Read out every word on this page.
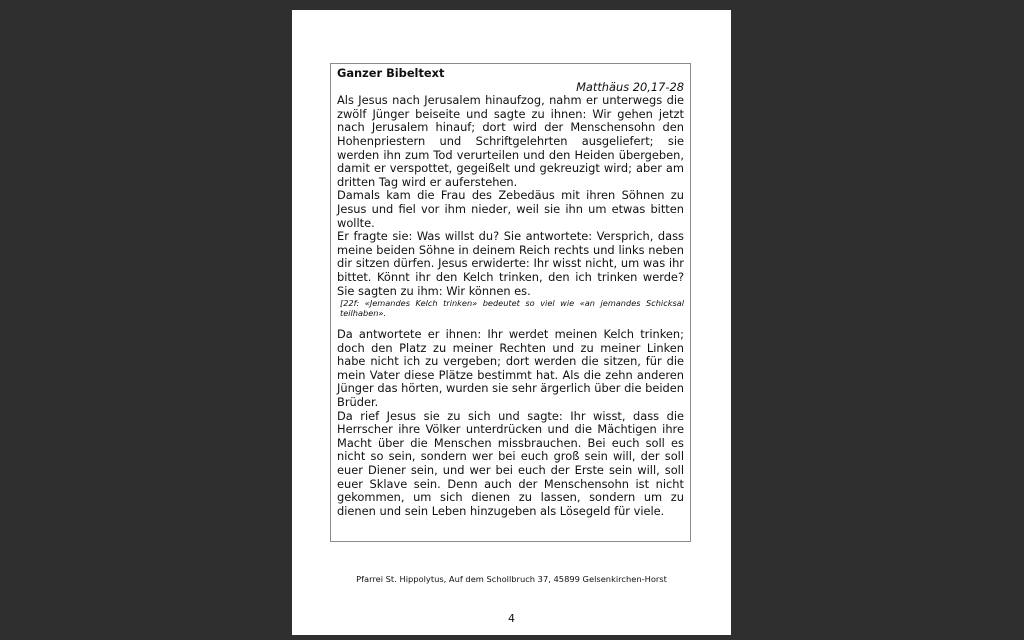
Ganzer Bibeltext

Matthäus 20,17-28

Als Jesus nach Jerusalem hinaufzog, nahm er unterwegs die zwölf Jünger beiseite und sagte zu ihnen: Wir gehen jetzt nach Jerusalem hinauf; dort wird der Menschensohn den Hohenpriestern und Schriftgelehrten ausgeliefert; sie werden ihn zum Tod verurteilen und den Heiden übergeben, damit er verspottet, gegeißelt und gekreuzigt wird; aber am dritten Tag wird er auferstehen.

Damals kam die Frau des Zebedäus mit ihren Söhnen zu Jesus und fiel vor ihm nieder, weil sie ihn um etwas bitten wollte.

Er fragte sie: Was willst du? Sie antwortete: Versprich, dass meine beiden Söhne in deinem Reich rechts und links neben dir sitzen dürfen. Jesus erwiderte: Ihr wisst nicht, um was ihr bittet. Könnt ihr den Kelch trinken, den ich trinken werde? Sie sagten zu ihm: Wir können es.

[22f: «Jemandes Kelch trinken» bedeutet so viel wie «an jemandes Schicksal teilhaben».

Da antwortete er ihnen: Ihr werdet meinen Kelch trinken; doch den Platz zu meiner Rechten und zu meiner Linken habe nicht ich zu vergeben; dort werden die sitzen, für die mein Vater diese Plätze bestimmt hat. Als die zehn anderen Jünger das hörten, wurden sie sehr ärgerlich über die beiden Brüder.

Da rief Jesus sie zu sich und sagte: Ihr wisst, dass die Herrscher ihre Völker unterdrücken und die Mächtigen ihre Macht über die Menschen missbrauchen. Bei euch soll es nicht so sein, sondern wer bei euch groß sein will, der soll euer Diener sein, und wer bei euch der Erste sein will, soll euer Sklave sein. Denn auch der Menschensohn ist nicht gekommen, um sich dienen zu lassen, sondern um zu dienen und sein Leben hinzugeben als Lösegeld für viele.

Pfarrei St. Hippolytus, Auf dem Schollbruch 37, 45899 Gelsenkirchen-Horst
4
